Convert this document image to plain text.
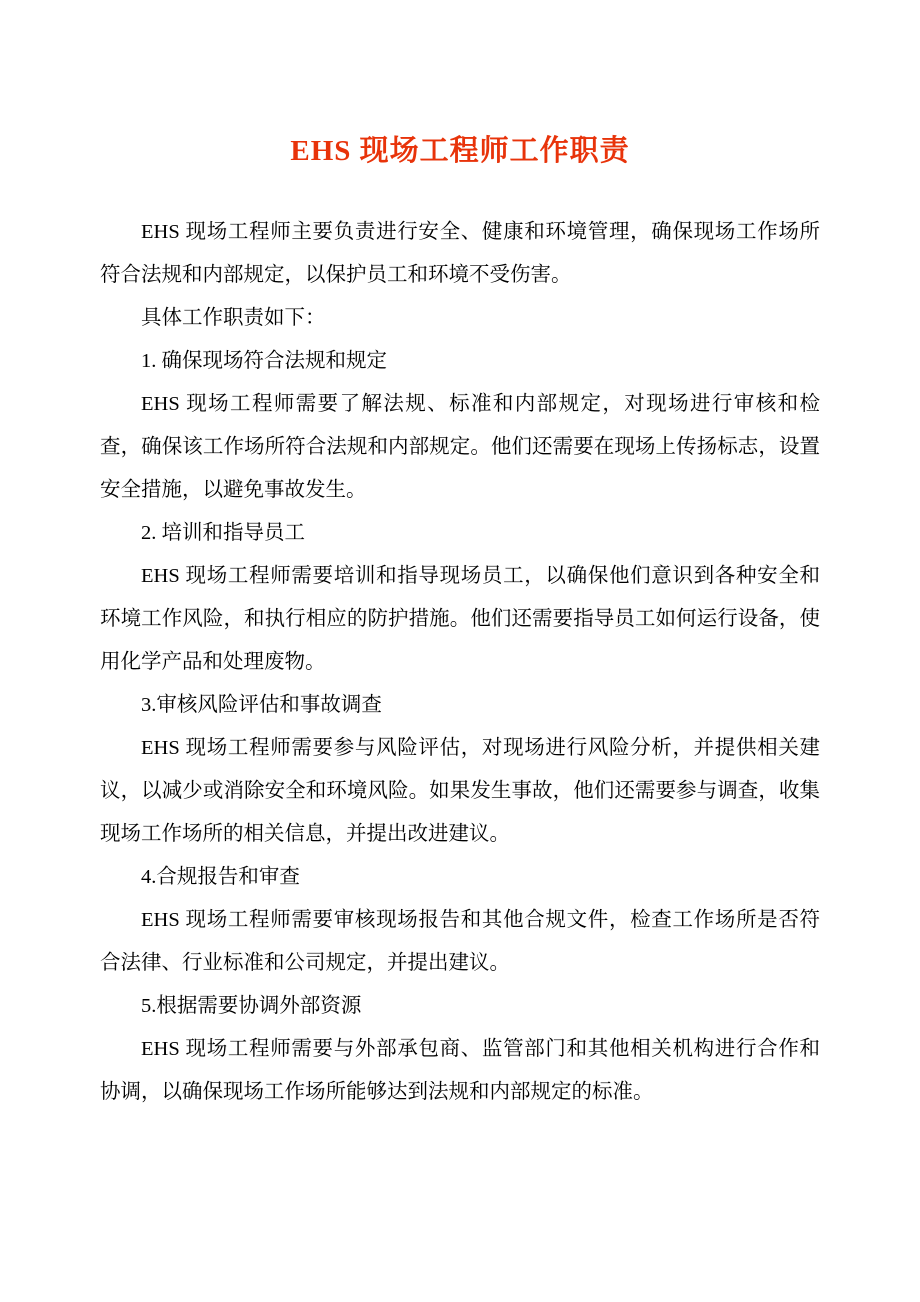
EHS 现场工程师工作职责

EHS 现场工程师主要负责进行安全、健康和环境管理，确保现场工作场所符合法规和内部规定，以保护员工和环境不受伤害。

具体工作职责如下：

1. 确保现场符合法规和规定

EHS 现场工程师需要了解法规、标准和内部规定，对现场进行审核和检查，确保该工作场所符合法规和内部规定。他们还需要在现场上传扬标志，设置安全措施，以避免事故发生。

2. 培训和指导员工

EHS 现场工程师需要培训和指导现场员工，以确保他们意识到各种安全和环境工作风险，和执行相应的防护措施。他们还需要指导员工如何运行设备，使用化学产品和处理废物。

3.审核风险评估和事故调查

EHS 现场工程师需要参与风险评估，对现场进行风险分析，并提供相关建议，以减少或消除安全和环境风险。如果发生事故，他们还需要参与调查，收集现场工作场所的相关信息，并提出改进建议。

4.合规报告和审查

EHS 现场工程师需要审核现场报告和其他合规文件，检查工作场所是否符合法律、行业标准和公司规定，并提出建议。

5.根据需要协调外部资源

EHS 现场工程师需要与外部承包商、监管部门和其他相关机构进行合作和协调，以确保现场工作场所能够达到法规和内部规定的标准。
